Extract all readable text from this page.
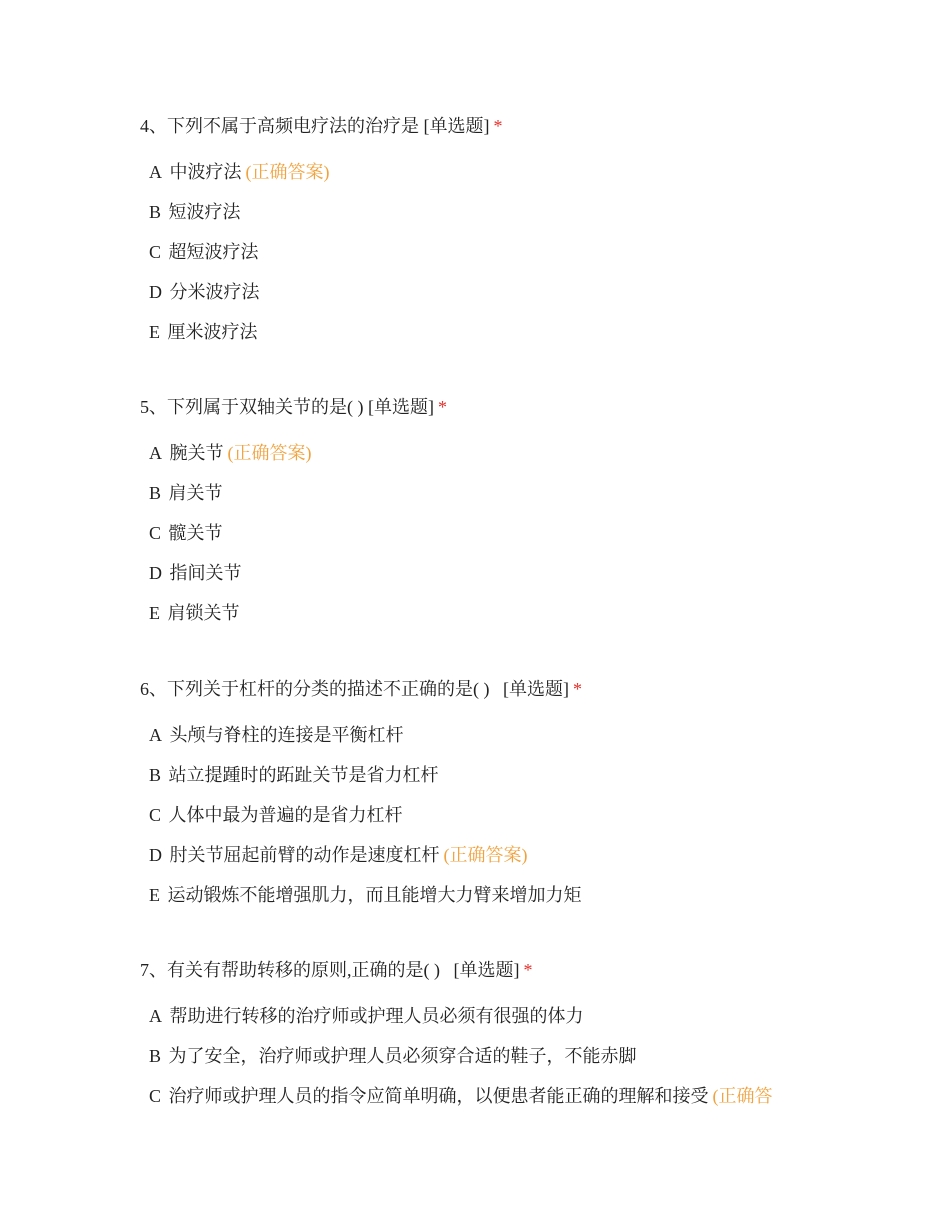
4、下列不属于高频电疗法的治疗是 [单选题] *
A 中波疗法 (正确答案)
B 短波疗法
C 超短波疗法
D 分米波疗法
E 厘米波疗法
5、下列属于双轴关节的是( ) [单选题] *
A 腕关节 (正确答案)
B 肩关节
C 髋关节
D 指间关节
E 肩锁关节
6、下列关于杠杆的分类的描述不正确的是( )   [单选题] *
A 头颅与脊柱的连接是平衡杠杆
B 站立提踵时的跖趾关节是省力杠杆
C 人体中最为普遍的是省力杠杆
D 肘关节屈起前臂的动作是速度杠杆 (正确答案)
E 运动锻炼不能增强肌力，而且能增大力臂来增加力矩
7、有关有帮助转移的原则,正确的是( )   [单选题] *
A 帮助进行转移的治疗师或护理人员必须有很强的体力
B 为了安全，治疗师或护理人员必须穿合适的鞋子，不能赤脚
C 治疗师或护理人员的指令应简单明确，以便患者能正确的理解和接受 (正确答
